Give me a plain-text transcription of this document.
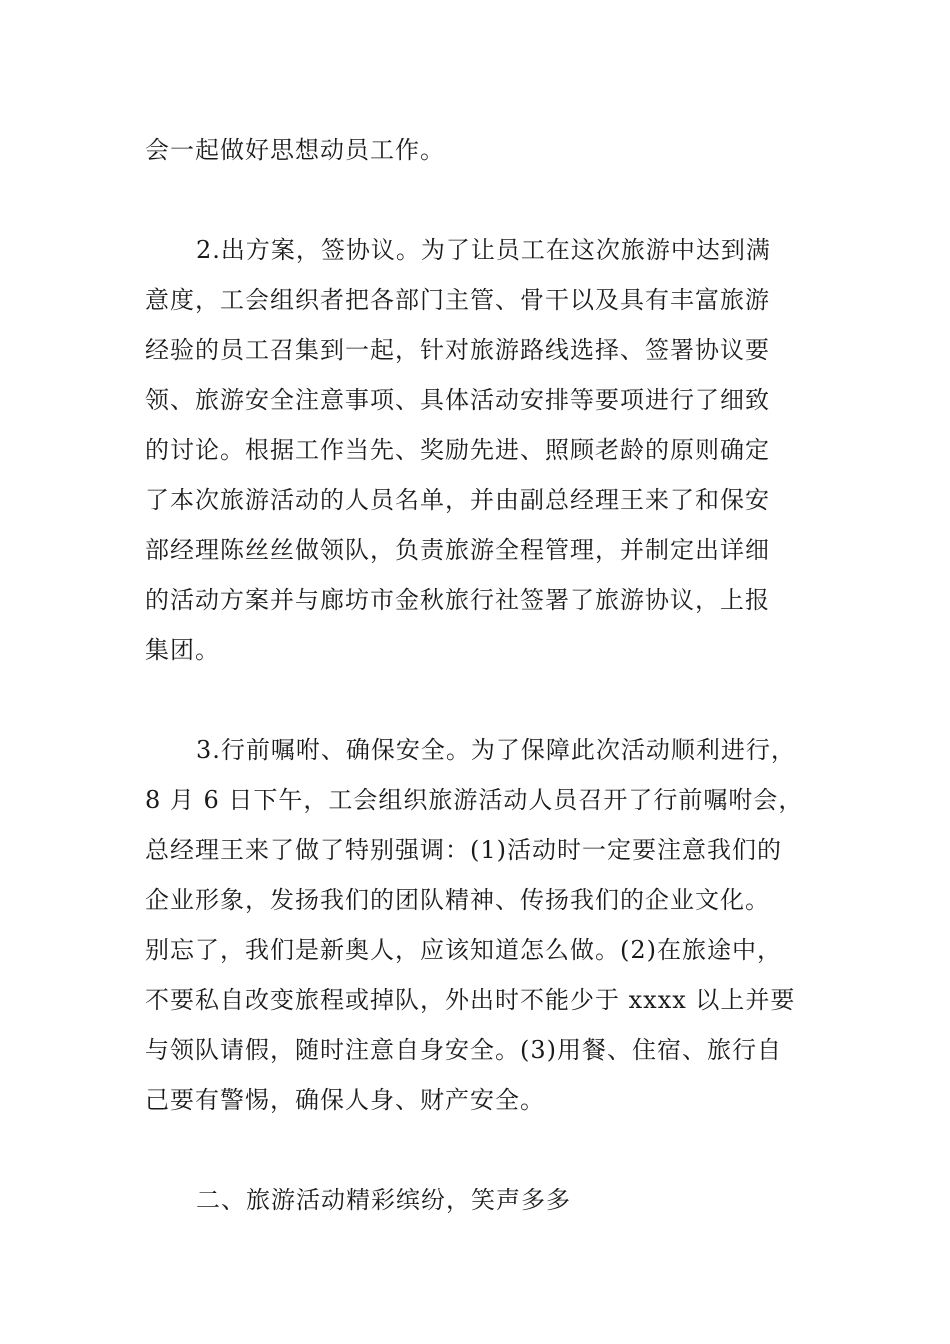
会一起做好思想动员工作。
2.出方案，签协议。为了让员工在这次旅游中达到满
意度，工会组织者把各部门主管、骨干以及具有丰富旅游
经验的员工召集到一起，针对旅游路线选择、签署协议要
领、旅游安全注意事项、具体活动安排等要项进行了细致
的讨论。根据工作当先、奖励先进、照顾老龄的原则确定
了本次旅游活动的人员名单，并由副总经理王来了和保安
部经理陈丝丝做领队，负责旅游全程管理，并制定出详细
的活动方案并与廊坊市金秋旅行社签署了旅游协议，上报
集团。
3.行前嘱咐、确保安全。为了保障此次活动顺利进行，
8 月 6 日下午，工会组织旅游活动人员召开了行前嘱咐会，
总经理王来了做了特别强调：(1)活动时一定要注意我们的
企业形象，发扬我们的团队精神、传扬我们的企业文化。
别忘了，我们是新奥人，应该知道怎么做。(2)在旅途中，
不要私自改变旅程或掉队，外出时不能少于 xxxx 以上并要
与领队请假，随时注意自身安全。(3)用餐、住宿、旅行自
己要有警惕，确保人身、财产安全。
二、旅游活动精彩缤纷，笑声多多
